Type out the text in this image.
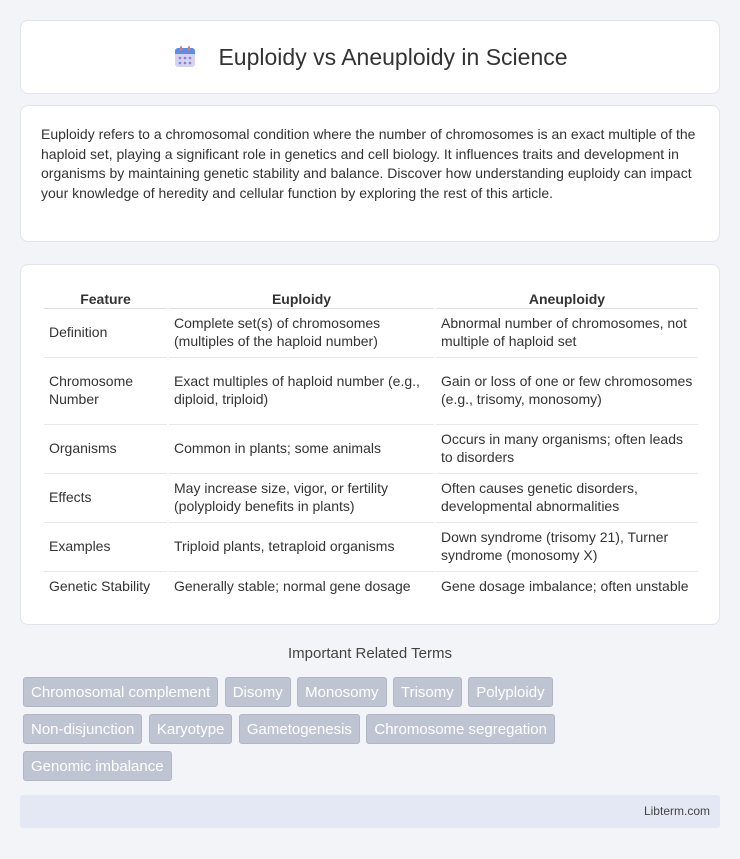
Euploidy vs Aneuploidy in Science

Euploidy refers to a chromosomal condition where the number of chromosomes is an exact multiple of the haploid set, playing a significant role in genetics and cell biology. It influences traits and development in organisms by maintaining genetic stability and balance. Discover how understanding euploidy can impact your knowledge of heredity and cellular function by exploring the rest of this article.

Feature	Euploidy	Aneuploidy
Definition	Complete set(s) of chromosomes (multiples of the haploid number)	Abnormal number of chromosomes, not multiple of haploid set
Chromosome Number	Exact multiples of haploid number (e.g., diploid, triploid)	Gain or loss of one or few chromosomes (e.g., trisomy, monosomy)
Organisms	Common in plants; some animals	Occurs in many organisms; often leads to disorders
Effects	May increase size, vigor, or fertility (polyploidy benefits in plants)	Often causes genetic disorders, developmental abnormalities
Examples	Triploid plants, tetraploid organisms	Down syndrome (trisomy 21), Turner syndrome (monosomy X)
Genetic Stability	Generally stable; normal gene dosage	Gene dosage imbalance; often unstable
Important Related Terms
Chromosomal complement Disomy Monosomy Trisomy Polyploidy
Non-disjunction Karyotype Gametogenesis Chromosome segregation
Genomic imbalance
Libterm.com
